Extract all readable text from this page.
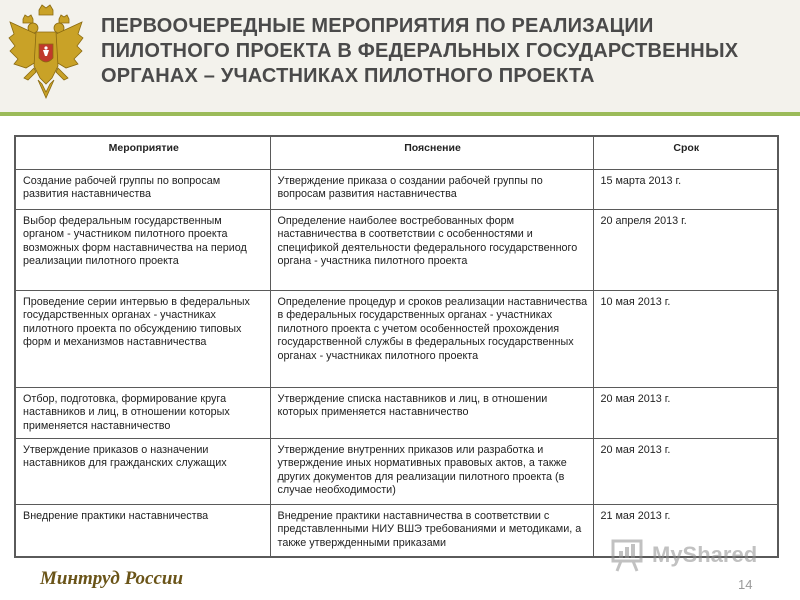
ПЕРВООЧЕРЕДНЫЕ МЕРОПРИЯТИЯ ПО РЕАЛИЗАЦИИ
ПИЛОТНОГО ПРОЕКТА В ФЕДЕРАЛЬНЫХ ГОСУДАРСТВЕННЫХ
ОРГАНАХ – УЧАСТНИКАХ ПИЛОТНОГО ПРОЕКТА
Мероприятие	Пояснение	Срок
Создание рабочей группы по вопросам развития наставничества	Утверждение приказа о создании рабочей группы по вопросам развития наставничества	15 марта 2013 г.
Выбор федеральным государственным органом - участником пилотного проекта возможных форм наставничества на период реализации пилотного проекта	Определение наиболее востребованных форм наставничества в соответствии с особенностями и спецификой деятельности федерального государственного органа - участника пилотного проекта	20 апреля 2013 г.
Проведение серии интервью в федеральных государственных органах - участниках пилотного проекта по обсуждению типовых форм и механизмов наставничества	Определение процедур и сроков реализации наставничества в федеральных государственных органах - участниках пилотного проекта с учетом особенностей прохождения государственной службы в федеральных государственных органах - участниках пилотного проекта	10 мая 2013 г.
Отбор, подготовка, формирование круга наставников и лиц, в отношении которых применяется наставничество	Утверждение списка наставников и лиц, в отношении которых применяется наставничество	20 мая 2013 г.
Утверждение приказов о назначении наставников для гражданских служащих	Утверждение внутренних приказов или разработка и утверждение иных нормативных правовых актов, а также других документов для реализации пилотного проекта (в случае необходимости)	20 мая 2013 г.
Внедрение практики наставничества	Внедрение практики наставничества в соответствии с представленными НИУ ВШЭ требованиями и методиками, а также утвержденными приказами	21 мая 2013 г.
MyShared

Минтруд России	14
